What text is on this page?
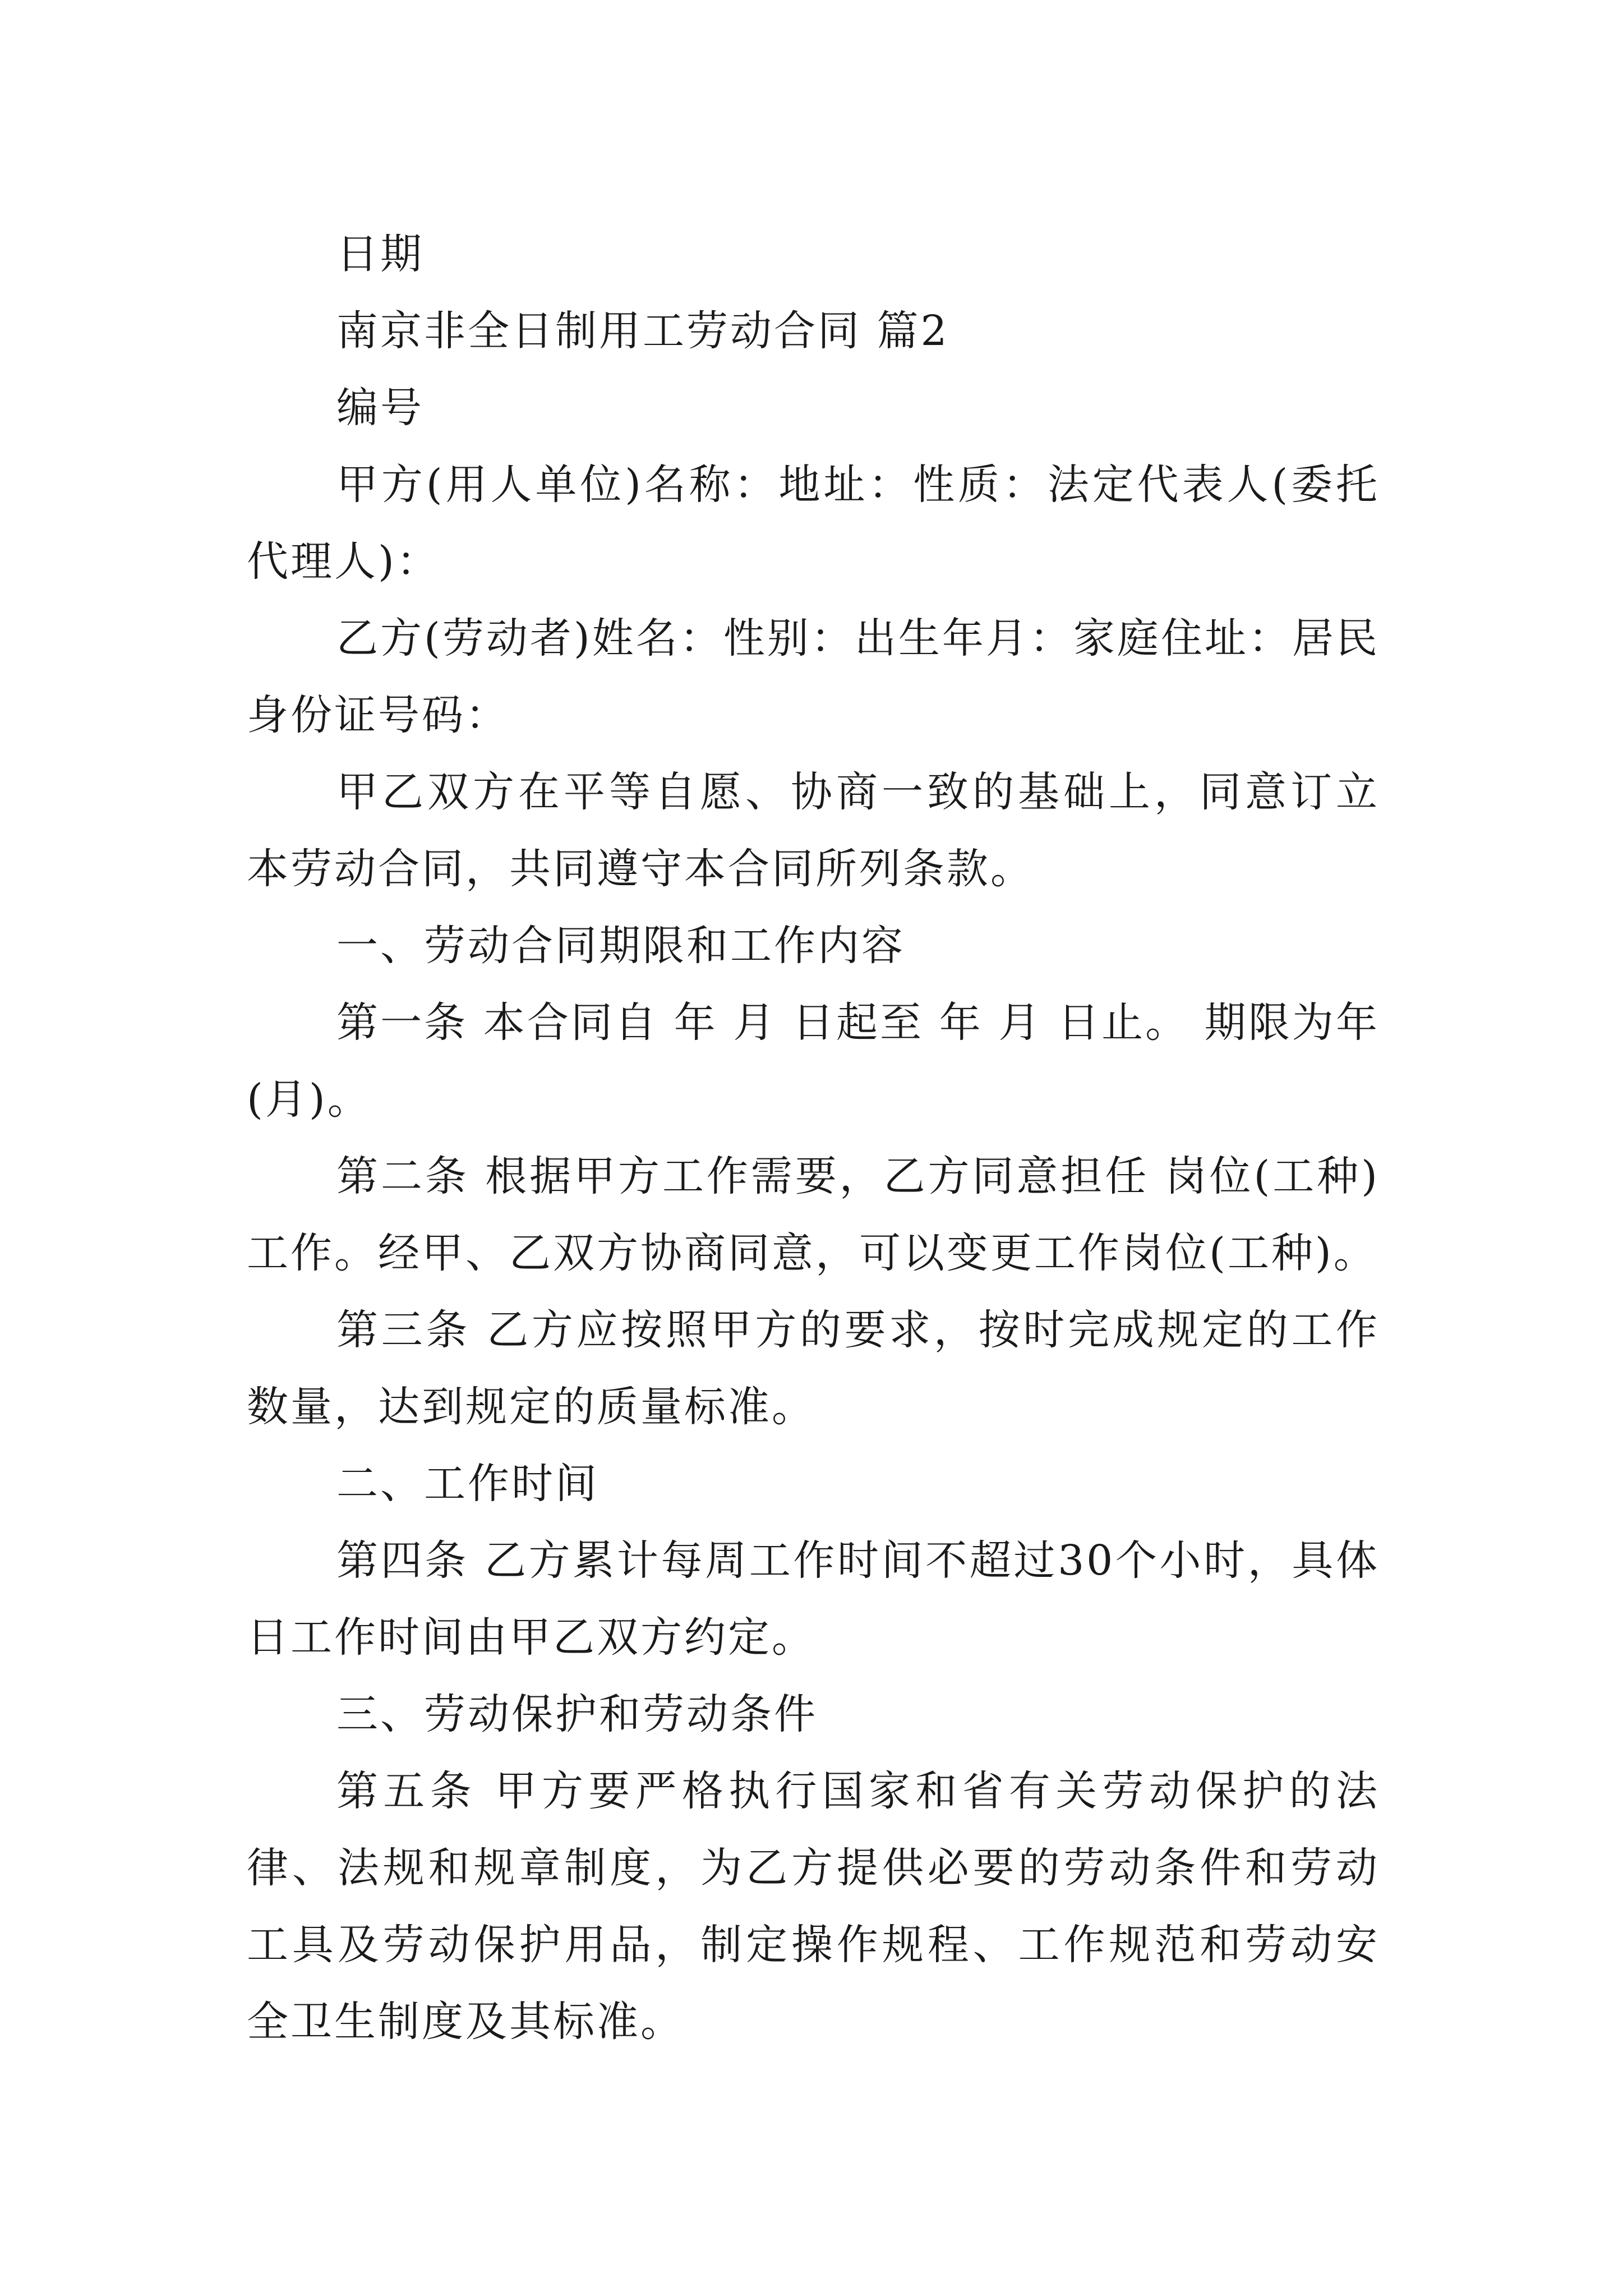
日期

南京非全日制用工劳动合同 篇2

编号

甲方(用人单位)名称：地址：性质：法定代表人(委托代理人)：

乙方(劳动者)姓名：性别：出生年月：家庭住址：居民身份证号码：

甲乙双方在平等自愿、协商一致的基础上，同意订立本劳动合同，共同遵守本合同所列条款。

一、劳动合同期限和工作内容

第一条 本合同自 年 月 日起至 年 月 日止。 期限为年(月)。

第二条 根据甲方工作需要，乙方同意担任 岗位(工种)工作。经甲、乙双方协商同意，可以变更工作岗位(工种)。

第三条 乙方应按照甲方的要求，按时完成规定的工作数量，达到规定的质量标准。

二、工作时间

第四条 乙方累计每周工作时间不超过30个小时，具体日工作时间由甲乙双方约定。

三、劳动保护和劳动条件

第五条 甲方要严格执行国家和省有关劳动保护的法律、法规和规章制度，为乙方提供必要的劳动条件和劳动工具及劳动保护用品，制定操作规程、工作规范和劳动安全卫生制度及其标准。
